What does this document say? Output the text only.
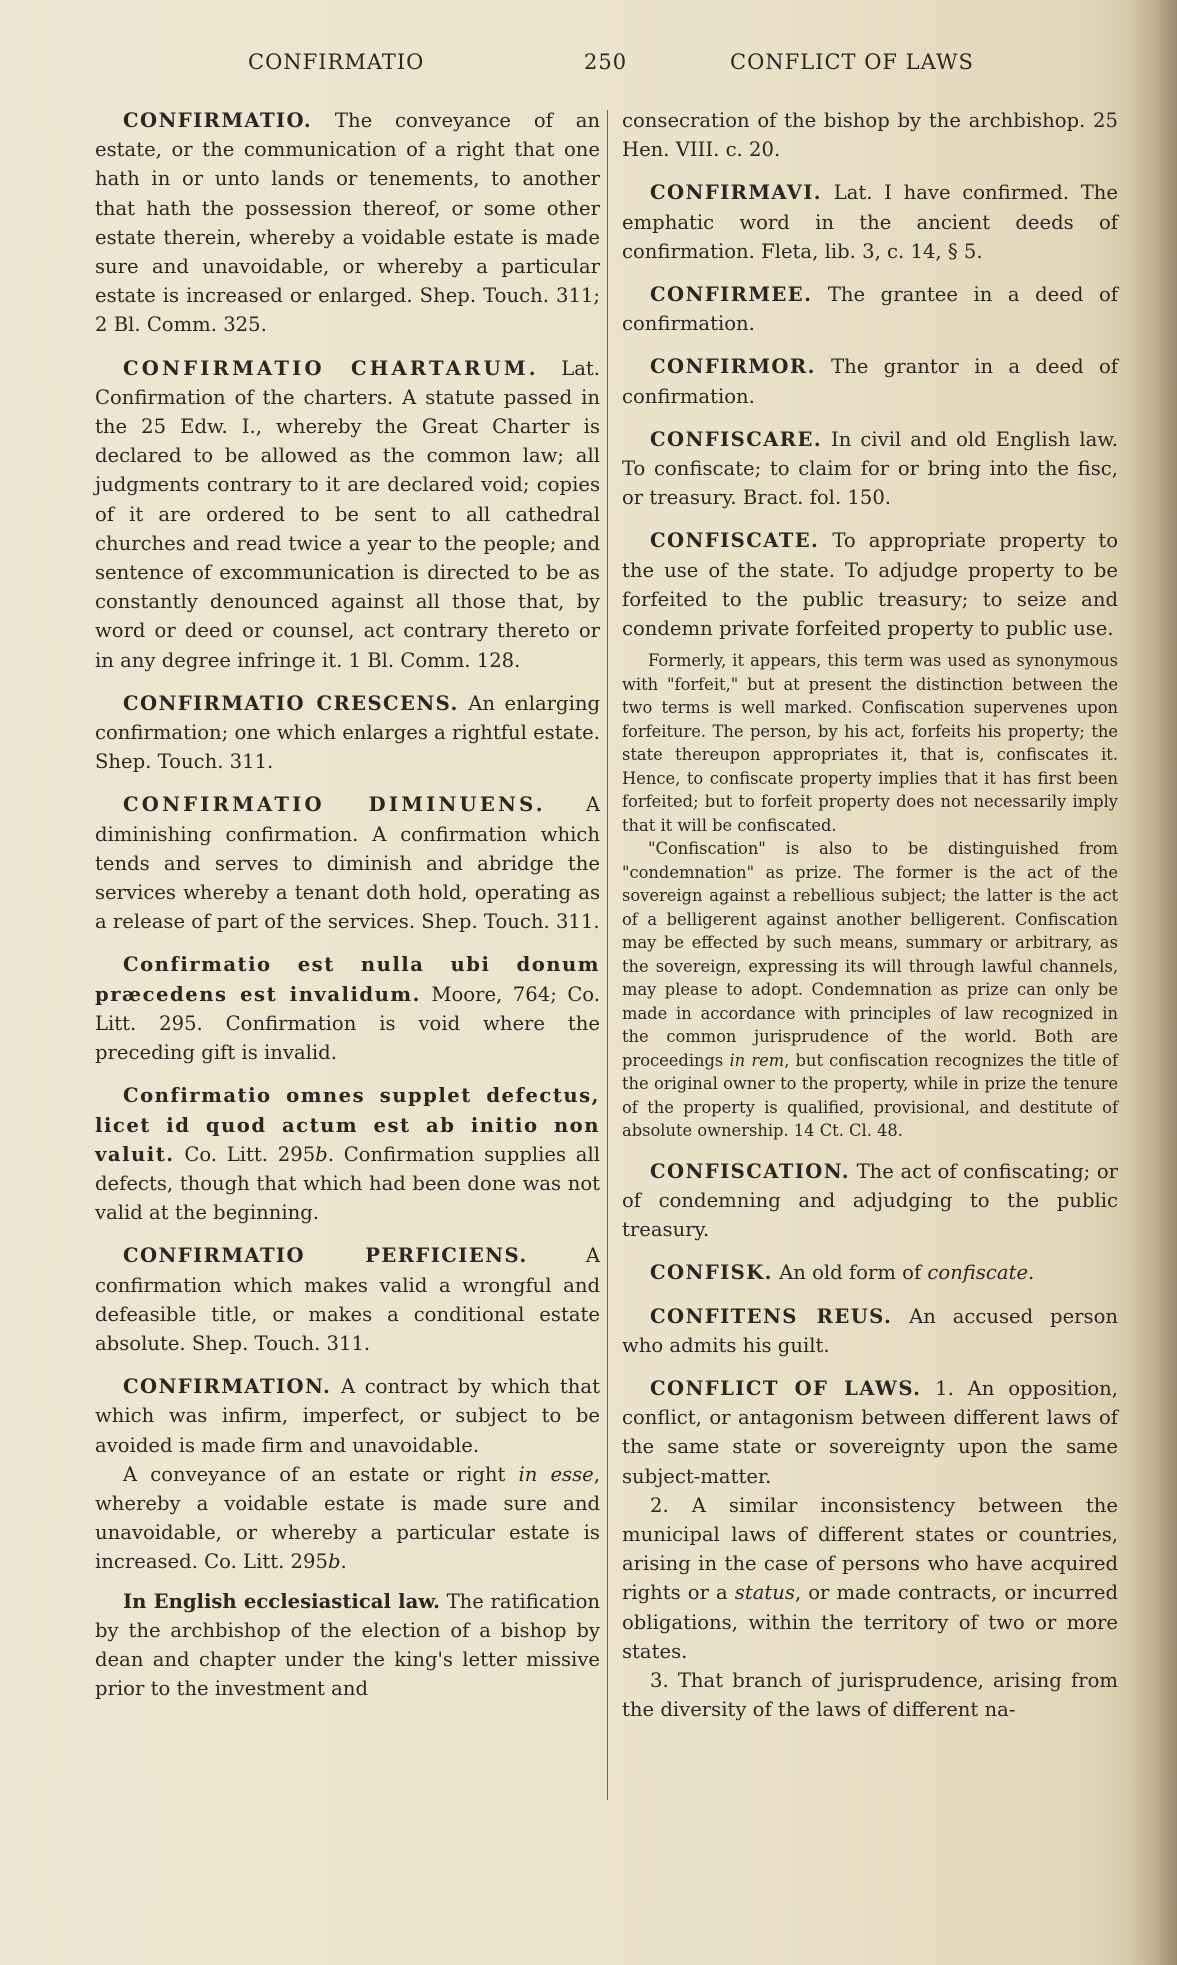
CONFIRMATIO	250	CONFLICT OF LAWS

CONFIRMATIO. The conveyance of an estate, or the communication of a right that one hath in or unto lands or tenements, to another that hath the possession thereof, or some other estate therein, whereby a voidable estate is made sure and unavoidable, or whereby a particular estate is increased or enlarged. Shep. Touch. 311; 2 Bl. Comm. 325.

CONFIRMATIO CHARTARUM. Lat. Confirmation of the charters. A statute passed in the 25 Edw. I., whereby the Great Charter is declared to be allowed as the common law; all judgments contrary to it are declared void; copies of it are ordered to be sent to all cathedral churches and read twice a year to the people; and sentence of excommunication is directed to be as constantly denounced against all those that, by word or deed or counsel, act contrary thereto or in any degree infringe it. 1 Bl. Comm. 128.

CONFIRMATIO CRESCENS. An enlarging confirmation; one which enlarges a rightful estate. Shep. Touch. 311.

CONFIRMATIO DIMINUENS. A diminishing confirmation. A confirmation which tends and serves to diminish and abridge the services whereby a tenant doth hold, operating as a release of part of the services. Shep. Touch. 311.

Confirmatio est nulla ubi donum præcedens est invalidum. Moore, 764; Co. Litt. 295. Confirmation is void where the preceding gift is invalid.

Confirmatio omnes supplet defectus, licet id quod actum est ab initio non valuit. Co. Litt. 295b. Confirmation supplies all defects, though that which had been done was not valid at the beginning.

CONFIRMATIO PERFICIENS. A confirmation which makes valid a wrongful and defeasible title, or makes a conditional estate absolute. Shep. Touch. 311.

CONFIRMATION. A contract by which that which was infirm, imperfect, or subject to be avoided is made firm and unavoidable.

A conveyance of an estate or right in esse, whereby a voidable estate is made sure and unavoidable, or whereby a particular estate is increased. Co. Litt. 295b.

In English ecclesiastical law. The ratification by the archbishop of the election of a bishop by dean and chapter under the king's letter missive prior to the investment and

consecration of the bishop by the archbishop. 25 Hen. VIII. c. 20.

CONFIRMAVI. Lat. I have confirmed. The emphatic word in the ancient deeds of confirmation. Fleta, lib. 3, c. 14, § 5.

CONFIRMEE. The grantee in a deed of confirmation.

CONFIRMOR. The grantor in a deed of confirmation.

CONFISCARE. In civil and old English law. To confiscate; to claim for or bring into the fisc, or treasury. Bract. fol. 150.

CONFISCATE. To appropriate property to the use of the state. To adjudge property to be forfeited to the public treasury; to seize and condemn private forfeited property to public use.

Formerly, it appears, this term was used as synonymous with "forfeit," but at present the distinction between the two terms is well marked. Confiscation supervenes upon forfeiture. The person, by his act, forfeits his property; the state thereupon appropriates it, that is, confiscates it. Hence, to confiscate property implies that it has first been forfeited; but to forfeit property does not necessarily imply that it will be confiscated.

"Confiscation" is also to be distinguished from "condemnation" as prize. The former is the act of the sovereign against a rebellious subject; the latter is the act of a belligerent against another belligerent. Confiscation may be effected by such means, summary or arbitrary, as the sovereign, expressing its will through lawful channels, may please to adopt. Condemnation as prize can only be made in accordance with principles of law recognized in the common jurisprudence of the world. Both are proceedings in rem, but confiscation recognizes the title of the original owner to the property, while in prize the tenure of the property is qualified, provisional, and destitute of absolute ownership. 14 Ct. Cl. 48.

CONFISCATION. The act of confiscating; or of condemning and adjudging to the public treasury.

CONFISK. An old form of confiscate.

CONFITENS REUS. An accused person who admits his guilt.

CONFLICT OF LAWS. 1. An opposition, conflict, or antagonism between different laws of the same state or sovereignty upon the same subject-matter.

2. A similar inconsistency between the municipal laws of different states or countries, arising in the case of persons who have acquired rights or a status, or made contracts, or incurred obligations, within the territory of two or more states.

3. That branch of jurisprudence, arising from the diversity of the laws of different na-
